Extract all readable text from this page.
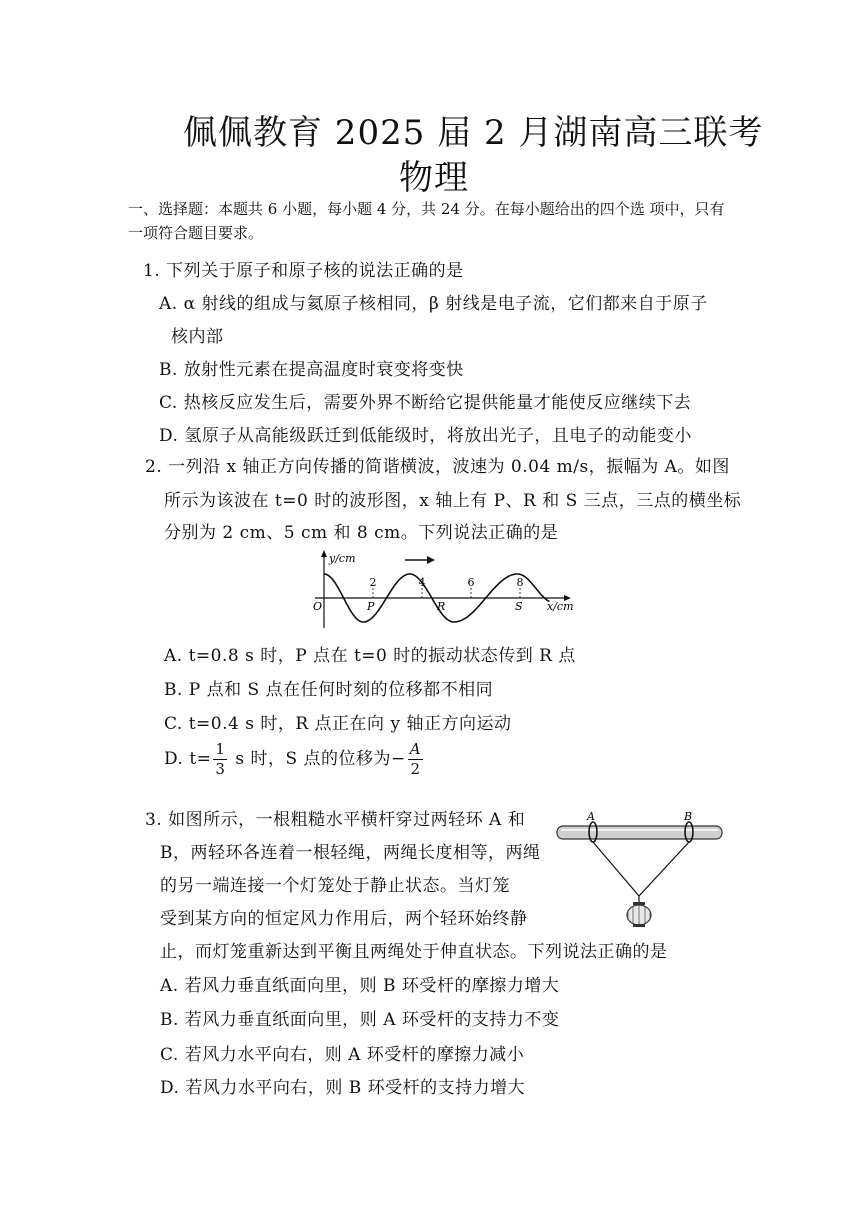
佩佩教育 2025 届 2 月湖南高三联考
物理
一、选择题：本题共 6 小题，每小题 4 分，共 24 分。在每小题给出的四个选 项中，只有
一项符合题目要求。
1. 下列关于原子和原子核的说法正确的是
A. α 射线的组成与氦原子核相同，β 射线是电子流，它们都来自于原子
核内部
B. 放射性元素在提高温度时衰变将变快
C. 热核反应发生后，需要外界不断给它提供能量才能使反应继续下去
D. 氢原子从高能级跃迁到低能级时，将放出光子，且电子的动能变小
2. 一列沿 x 轴正方向传播的简谐横波，波速为 0.04 m/s，振幅为 A。如图
所示为该波在 t=0 时的波形图，x 轴上有 P、R 和 S 三点，三点的横坐标
分别为 2 cm、5 cm 和 8 cm。下列说法正确的是
y/cm
x/cm
O
2	4	6	8
P	R	S
A. t=0.8 s 时，P 点在 t=0 时的振动状态传到 R 点
B. P 点和 S 点在任何时刻的位移都不相同
C. t=0.4 s 时，R 点正在向 y 轴正方向运动
D. $t= \frac{1}{3}$ s 时，S 点的位移为− $\frac{A}{2}$
3. 如图所示，一根粗糙水平横杆穿过两轻环 A 和
B，两轻环各连着一根轻绳，两绳长度相等，两绳
的另一端连接一个灯笼处于静止状态。当灯笼
受到某方向的恒定风力作用后，两个轻环始终静
止，而灯笼重新达到平衡且两绳处于伸直状态。下列说法正确的是
A. 若风力垂直纸面向里，则 B 环受杆的摩擦力增大
B. 若风力垂直纸面向里，则 A 环受杆的支持力不变
C. 若风力水平向右，则 A 环受杆的摩擦力减小
D. 若风力水平向右，则 B 环受杆的支持力增大
A	B
